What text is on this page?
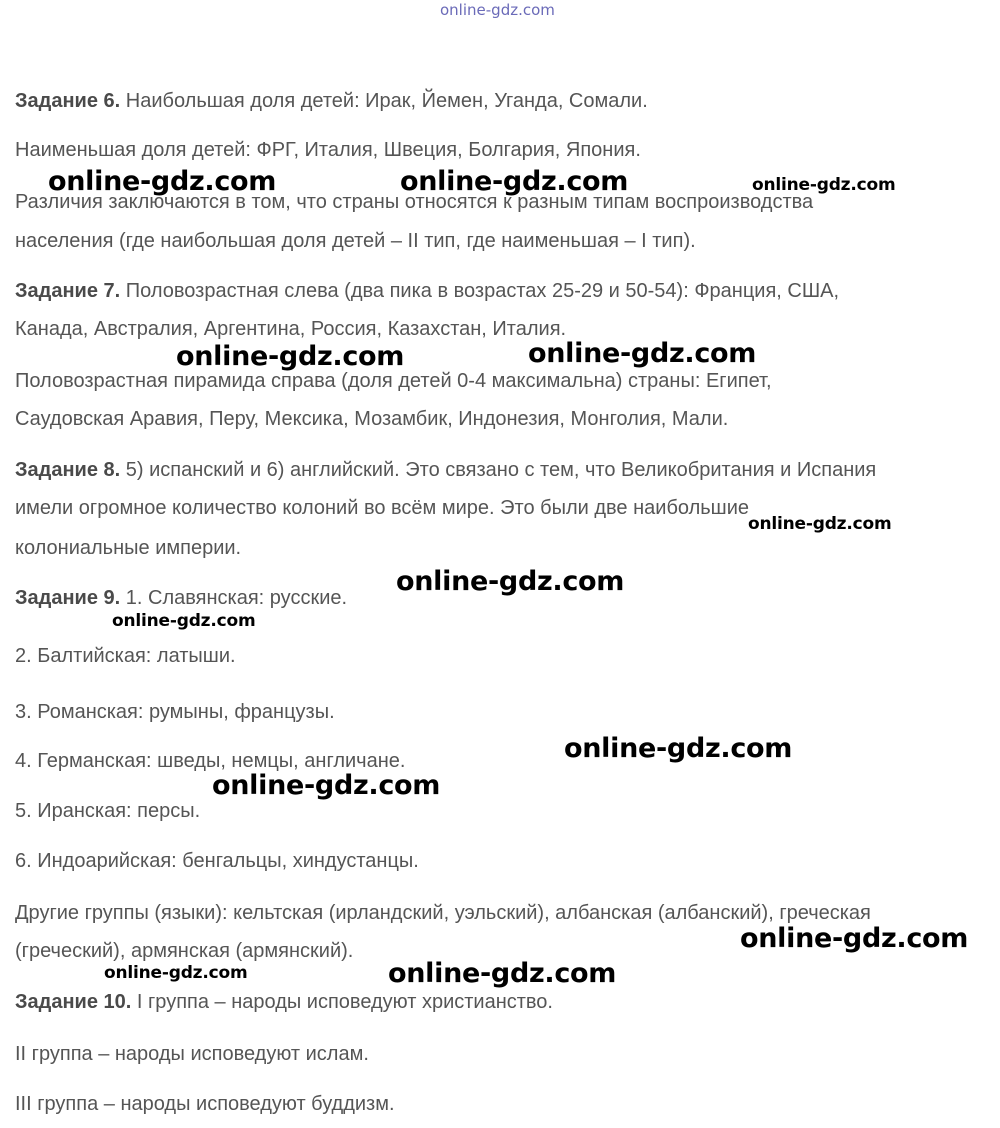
online-gdz.com
Задание 6. Наибольшая доля детей: Ирак, Йемен, Уганда, Сомали.
Наименьшая доля детей: ФРГ, Италия, Швеция, Болгария, Япония.
Различия заключаются в том, что страны относятся к разным типам воспроизводства
населения (где наибольшая доля детей – II тип, где наименьшая – I тип).
Задание 7. Половозрастная слева (два пика в возрастах 25-29 и 50-54): Франция, США,
Канада, Австралия, Аргентина, Россия, Казахстан, Италия.
Половозрастная пирамида справа (доля детей 0-4 максимальна) страны: Египет,
Саудовская Аравия, Перу, Мексика, Мозамбик, Индонезия, Монголия, Мали.
Задание 8. 5) испанский и 6) английский. Это связано с тем, что Великобритания и Испания
имели огромное количество колоний во всём мире. Это были две наибольшие
колониальные империи.
Задание 9. 1. Славянская: русские.
2. Балтийская: латыши.
3. Романская: румыны, французы.
4. Германская: шведы, немцы, англичане.
5. Иранская: персы.
6. Индоарийская: бенгальцы, хиндустанцы.
Другие группы (языки): кельтская (ирландский, уэльский), албанская (албанский), греческая
(греческий), армянская (армянский).
Задание 10. I группа – народы исповедуют христианство.
II группа – народы исповедуют ислам.
III группа – народы исповедуют буддизм.
online-gdz.com	online-gdz.com	online-gdz.com
online-gdz.com	online-gdz.com
online-gdz.com
online-gdz.com
online-gdz.com
online-gdz.com
online-gdz.com
online-gdz.com
online-gdz.com	online-gdz.com
